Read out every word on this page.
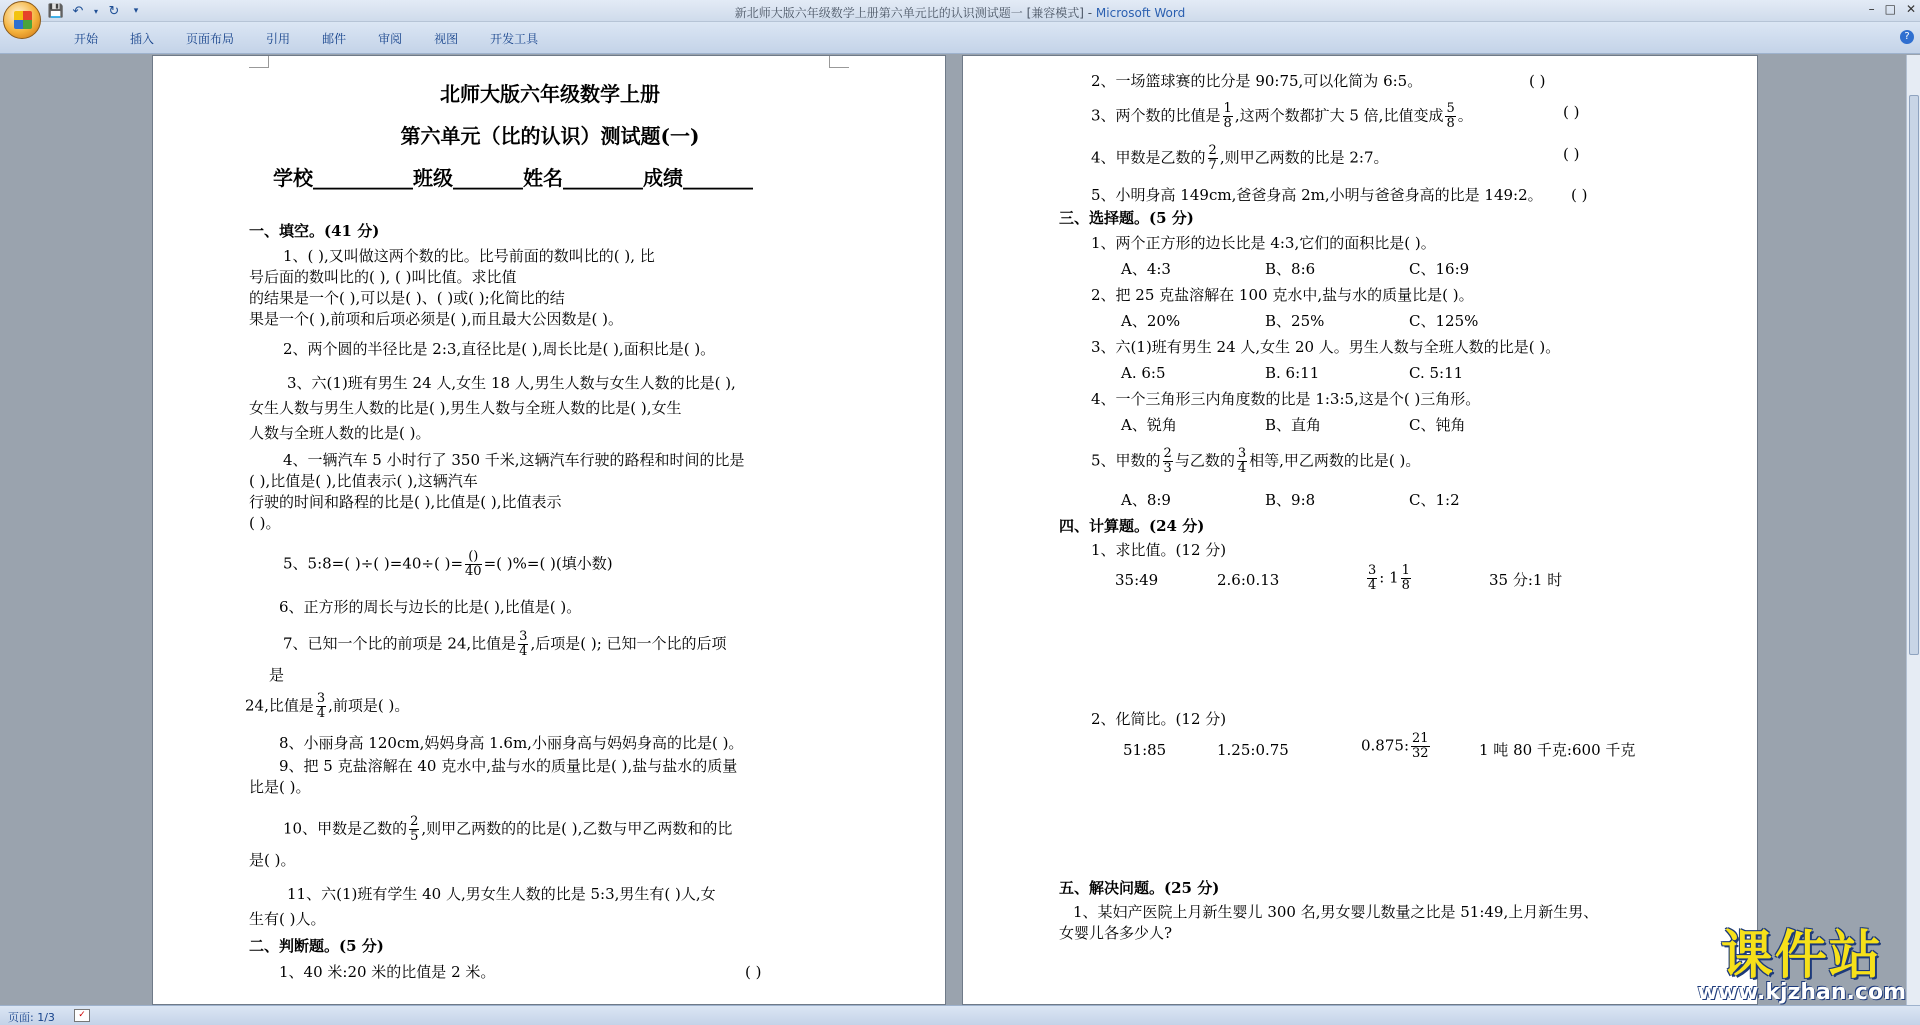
💾 ↶	▾ ↻	▾	新北师大版六年级数学上册第六单元比的认识测试题一 [兼容模式] - Microsoft Word	– □ ✕
开始	插入	页面布局	引用	邮件	审阅	视图	开发工具	?
北师大版六年级数学上册
第六单元（比的认识）测试题(一)
学校__________班级_______姓名________成绩_______
一、填空。(41 分)
1、( ),又叫做这两个数的比。比号前面的数叫比的( ), 比
号后面的数叫比的( ), ( )叫比值。求比值
的结果是一个( ),可以是( )、( )或( );化简比的结
果是一个( ),前项和后项必须是( ),而且最大公因数是( )。
2、两个圆的半径比是 2:3,直径比是( ),周长比是( ),面积比是( )。
3、六(1)班有男生 24 人,女生 18 人,男生人数与女生人数的比是( ),
女生人数与男生人数的比是( ),男生人数与全班人数的比是( ),女生
人数与全班人数的比是( )。
4、一辆汽车 5 小时行了 350 千米,这辆汽车行驶的路程和时间的比是
( ),比值是( ),比值表示( ),这辆汽车
行驶的时间和路程的比是( ),比值是( ),比值表示
( )。
5、5:8=( )÷( )=40÷( )= $\frac{()}{40}$ =( )%=( )(填小数)
6、正方形的周长与边长的比是( ),比值是( )。
7、已知一个比的前项是 24,比值是 $\frac{3}{4}$ ,后项是( ); 已知一个比的后项
是
24,比值是 $\frac{3}{4}$ ,前项是( )。
8、小丽身高 120cm,妈妈身高 1.6m,小丽身高与妈妈身高的比是( )。
9、把 5 克盐溶解在 40 克水中,盐与水的质量比是( ),盐与盐水的质量
比是( )。
10、甲数是乙数的 $\frac{2}{5}$ ,则甲乙两数的的比是( ),乙数与甲乙两数和的比
是( )。
11、六(1)班有学生 40 人,男女生人数的比是 5:3,男生有( )人,女
生有( )人。
二、判断题。(5 分)
1、40 米:20 米的比值是 2 米。	( )
2、一场篮球赛的比分是 90:75,可以化简为 6:5。	( )
3、两个数的比值是 $\frac{1}{8}$ ,这两个数都扩大 5 倍,比值变成 $\frac{5}{8}$ 。	( )
4、甲数是乙数的 $\frac{2}{7}$ ,则甲乙两数的比是 2:7。	( )
5、小明身高 149cm,爸爸身高 2m,小明与爸爸身高的比是 149:2。 ( )
三、选择题。(5 分)
1、两个正方形的边长比是 4:3,它们的面积比是( )。
A、4:3	B、8:6	C、16:9
2、把 25 克盐溶解在 100 克水中,盐与水的质量比是( )。
A、20%	B、25%	C、125%
3、六(1)班有男生 24 人,女生 20 人。男生人数与全班人数的比是( )。
A. 6:5	B. 6:11	C. 5:11
4、一个三角形三内角度数的比是 1:3:5,这是个( )三角形。
A、锐角	B、直角	C、钝角
5、甲数的 $\frac{2}{3}$ 与乙数的 $\frac{3}{4}$ 相等,甲乙两数的比是( )。
A、8:9	B、9:8	C、1:2
四、计算题。(24 分)
1、求比值。(12 分)
35:49	2.6:0.13	$\frac{3}{4}$ : $1 \frac{1}{8}$	35 分:1 时
2、化简比。(12 分)
51:85	1.25:0.75	0.875: $\frac{21}{32}$	1 吨 80 千克:600 千克
五、解决问题。(25 分)
1、某妇产医院上月新生婴儿 300 名,男女婴儿数量之比是 51:49,上月新生男、
女婴儿各多少人?	课件站
www.kjzhan.com
页面: 1/3	✓
